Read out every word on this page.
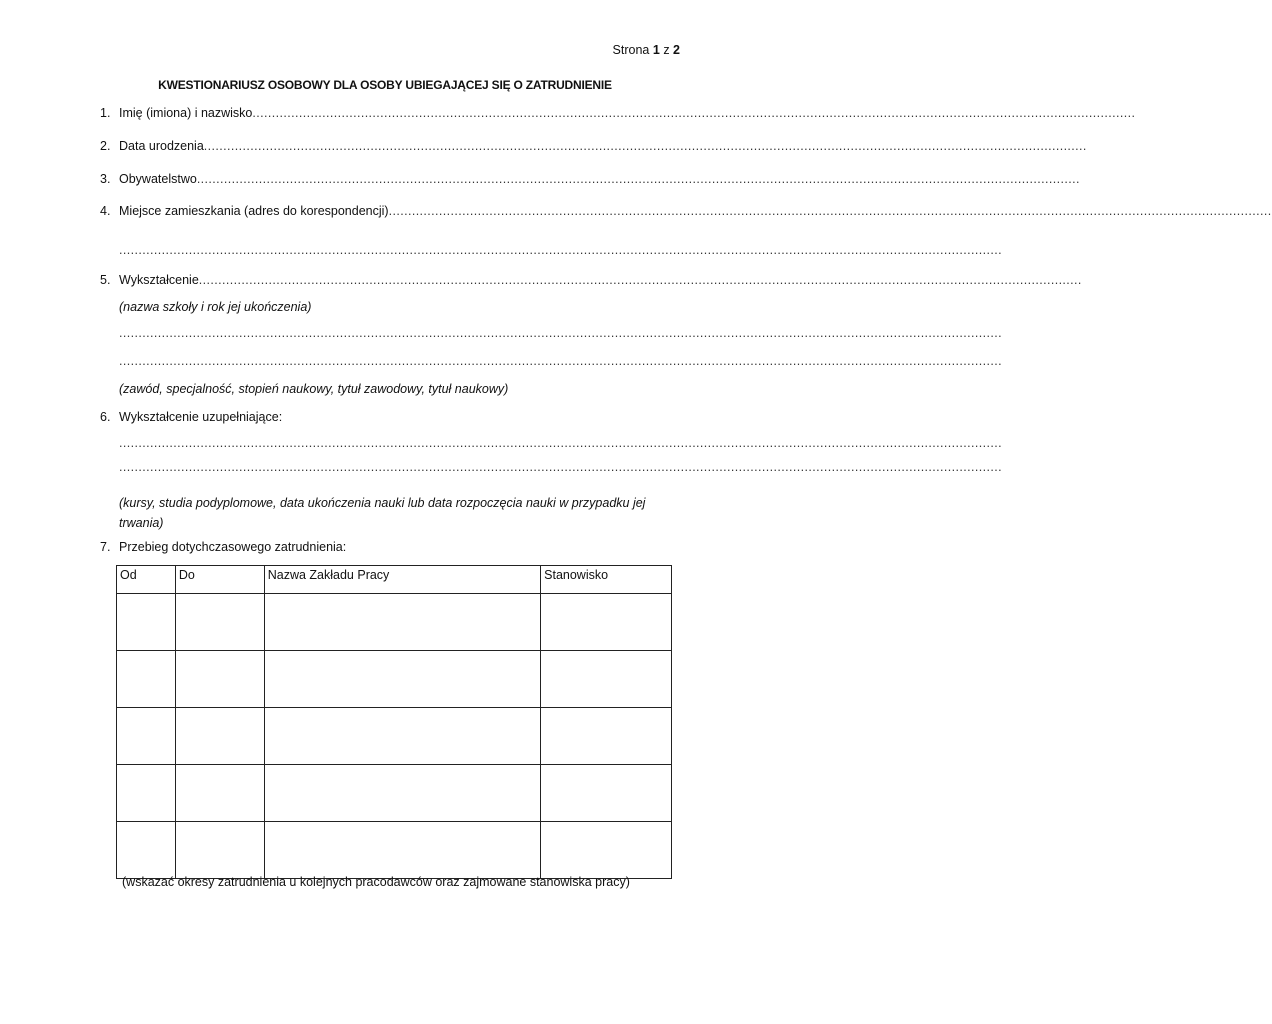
Strona 1 z 2
KWESTIONARIUSZ OSOBOWY DLA OSOBY UBIEGAJĄCEJ SIĘ O ZATRUDNIENIE
1. Imię (imiona) i nazwisko....................................................................................................................................................................................................................................
2. Data urodzenia....................................................................................................................................................................................................................................
3. Obywatelstwo....................................................................................................................................................................................................................................
4. Miejsce zamieszkania (adres do korespondencji)....................................................................................................................................................................................................................................
....................................................................................................................................................................................................................................
5. Wykształcenie....................................................................................................................................................................................................................................
(nazwa szkoły i rok jej ukończenia)
....................................................................................................................................................................................................................................
....................................................................................................................................................................................................................................
(zawód, specjalność, stopień naukowy, tytuł zawodowy, tytuł naukowy)
6. Wykształcenie uzupełniające:
....................................................................................................................................................................................................................................
....................................................................................................................................................................................................................................
(kursy, studia podyplomowe, data ukończenia nauki lub data rozpoczęcia nauki w przypadku jej trwania)
7. Przebieg dotychczasowego zatrudnienia:
Od	Do	Nazwa Zakładu Pracy	Stanowisko

(wskazać okresy zatrudnienia u kolejnych pracodawców oraz zajmowane stanowiska pracy)
